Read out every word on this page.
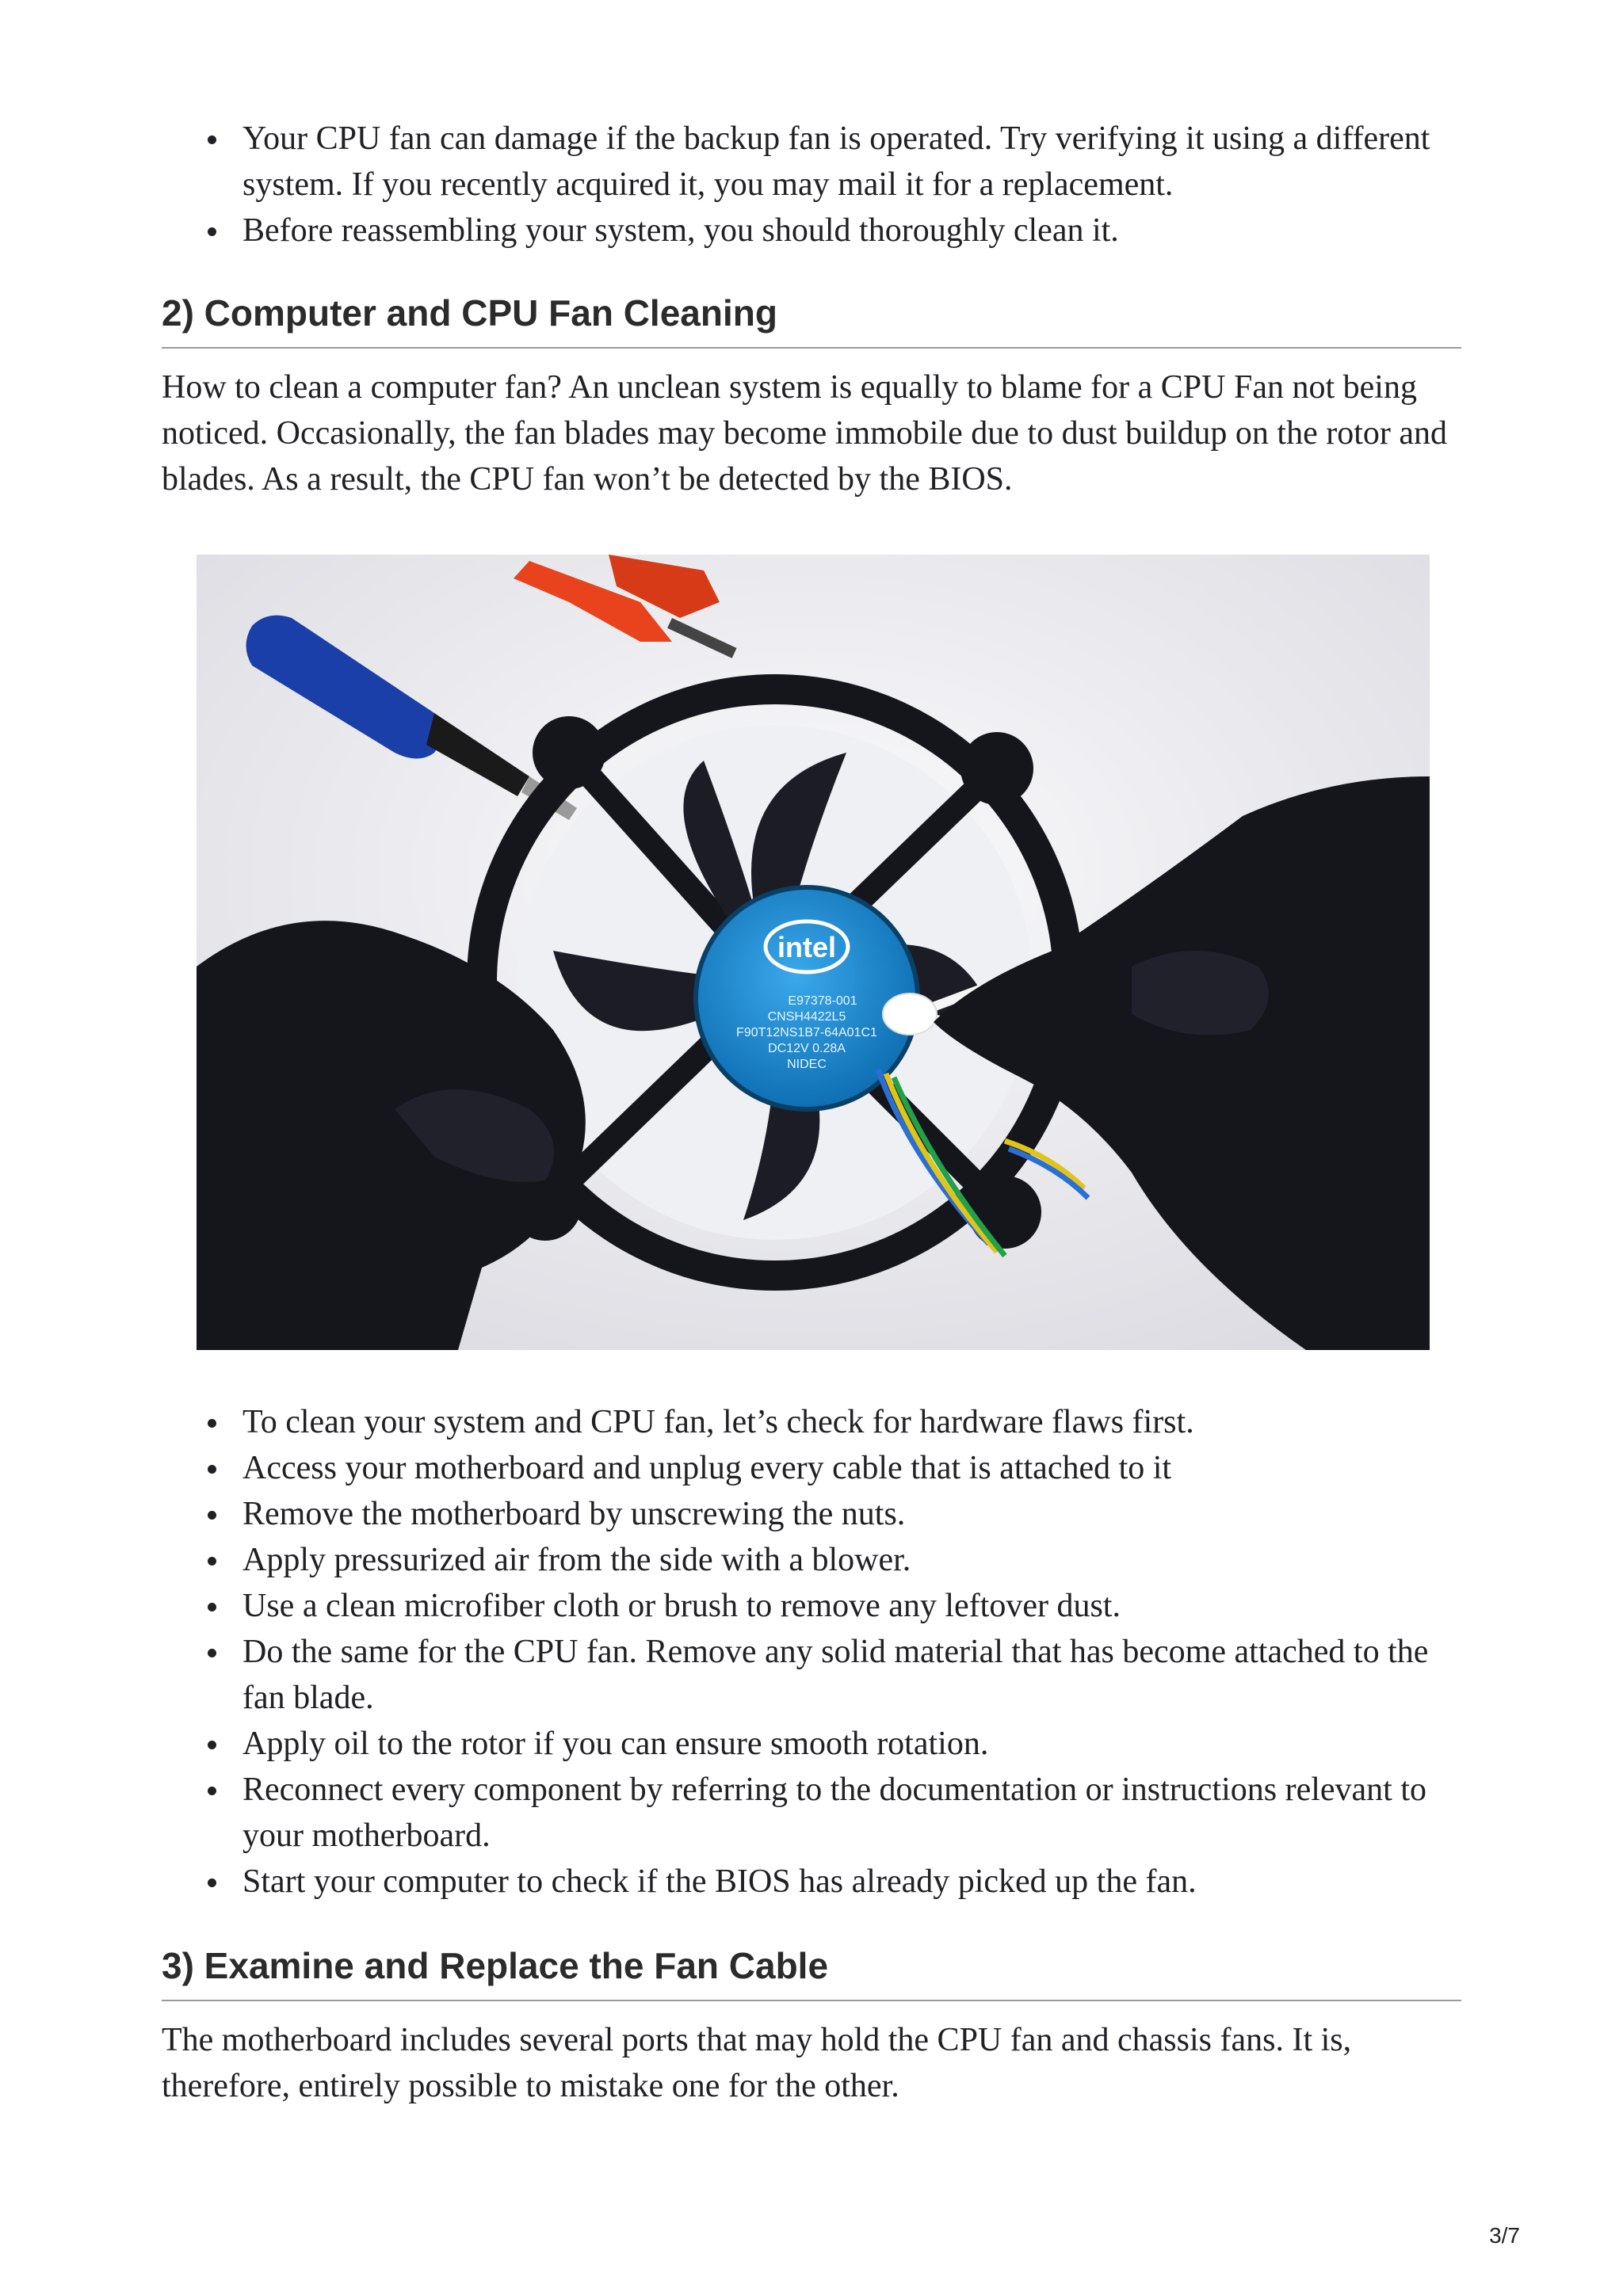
Your CPU fan can damage if the backup fan is operated. Try verifying it using a different system. If you recently acquired it, you may mail it for a replacement.
Before reassembling your system, you should thoroughly clean it.
2) Computer and CPU Fan Cleaning

How to clean a computer fan? An unclean system is equally to blame for a CPU Fan not being noticed. Occasionally, the fan blades may become immobile due to dust buildup on the rotor and blades. As a result, the CPU fan won’t be detected by the BIOS.

intel
E97378-001
CNSH4422L5
F90T12NS1B7-64A01C1
DC12V 0.28A
NIDEC
To clean your system and CPU fan, let’s check for hardware flaws first.
Access your motherboard and unplug every cable that is attached to it
Remove the motherboard by unscrewing the nuts.
Apply pressurized air from the side with a blower.
Use a clean microfiber cloth or brush to remove any leftover dust.
Do the same for the CPU fan. Remove any solid material that has become attached to the fan blade.
Apply oil to the rotor if you can ensure smooth rotation.
Reconnect every component by referring to the documentation or instructions relevant to your motherboard.
Start your computer to check if the BIOS has already picked up the fan.
3) Examine and Replace the Fan Cable

The motherboard includes several ports that may hold the CPU fan and chassis fans. It is, therefore, entirely possible to mistake one for the other.

3/7
